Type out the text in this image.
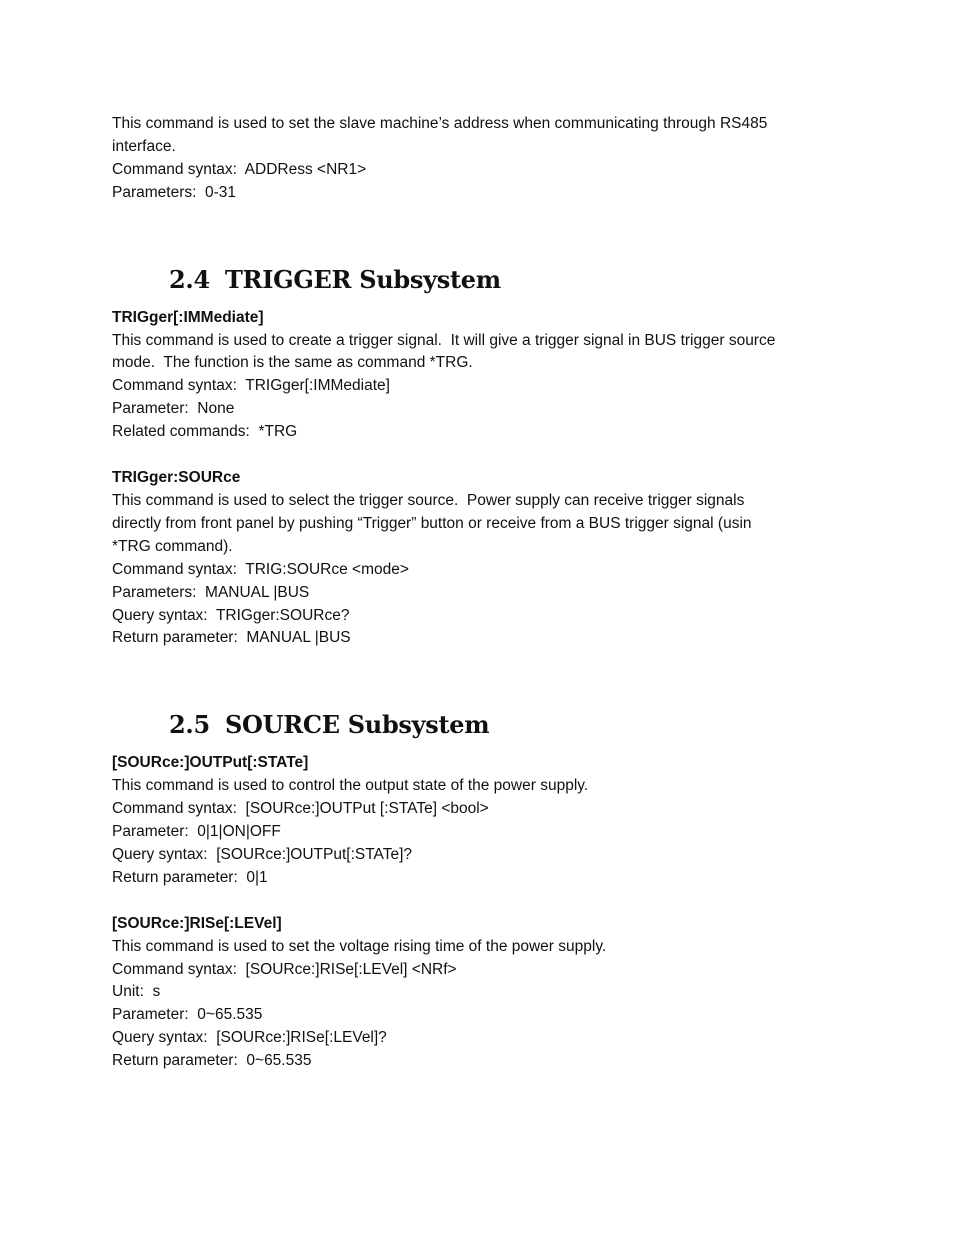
This command is used to set the slave machine’s address when communicating through RS485

interface.

Command syntax:  ADDRess <NR1>

Parameters:  0-31

2.4 TRIGGER Subsystem

TRIGger[:IMMediate]

This command is used to create a trigger signal.  It will give a trigger signal in BUS trigger source

mode.  The function is the same as command *TRG.

Command syntax:  TRIGger[:IMMediate]

Parameter:  None

Related commands:  *TRG

TRIGger:SOURce

This command is used to select the trigger source.  Power supply can receive trigger signals

directly from front panel by pushing “Trigger” button or receive from a BUS trigger signal (usin

*TRG command).

Command syntax:  TRIG:SOURce <mode>

Parameters:  MANUAL |BUS

Query syntax:  TRIGger:SOURce?

Return parameter:  MANUAL |BUS

2.5 SOURCE Subsystem

[SOURce:]OUTPut[:STATe]

This command is used to control the output state of the power supply.

Command syntax:  [SOURce:]OUTPut [:STATe] <bool>

Parameter:  0|1|ON|OFF

Query syntax:  [SOURce:]OUTPut[:STATe]?

Return parameter:  0|1

[SOURce:]RISe[:LEVel]

This command is used to set the voltage rising time of the power supply.

Command syntax:  [SOURce:]RISe[:LEVel] <NRf>

Unit:  s

Parameter:  0~65.535

Query syntax:  [SOURce:]RISe[:LEVel]?

Return parameter:  0~65.535
